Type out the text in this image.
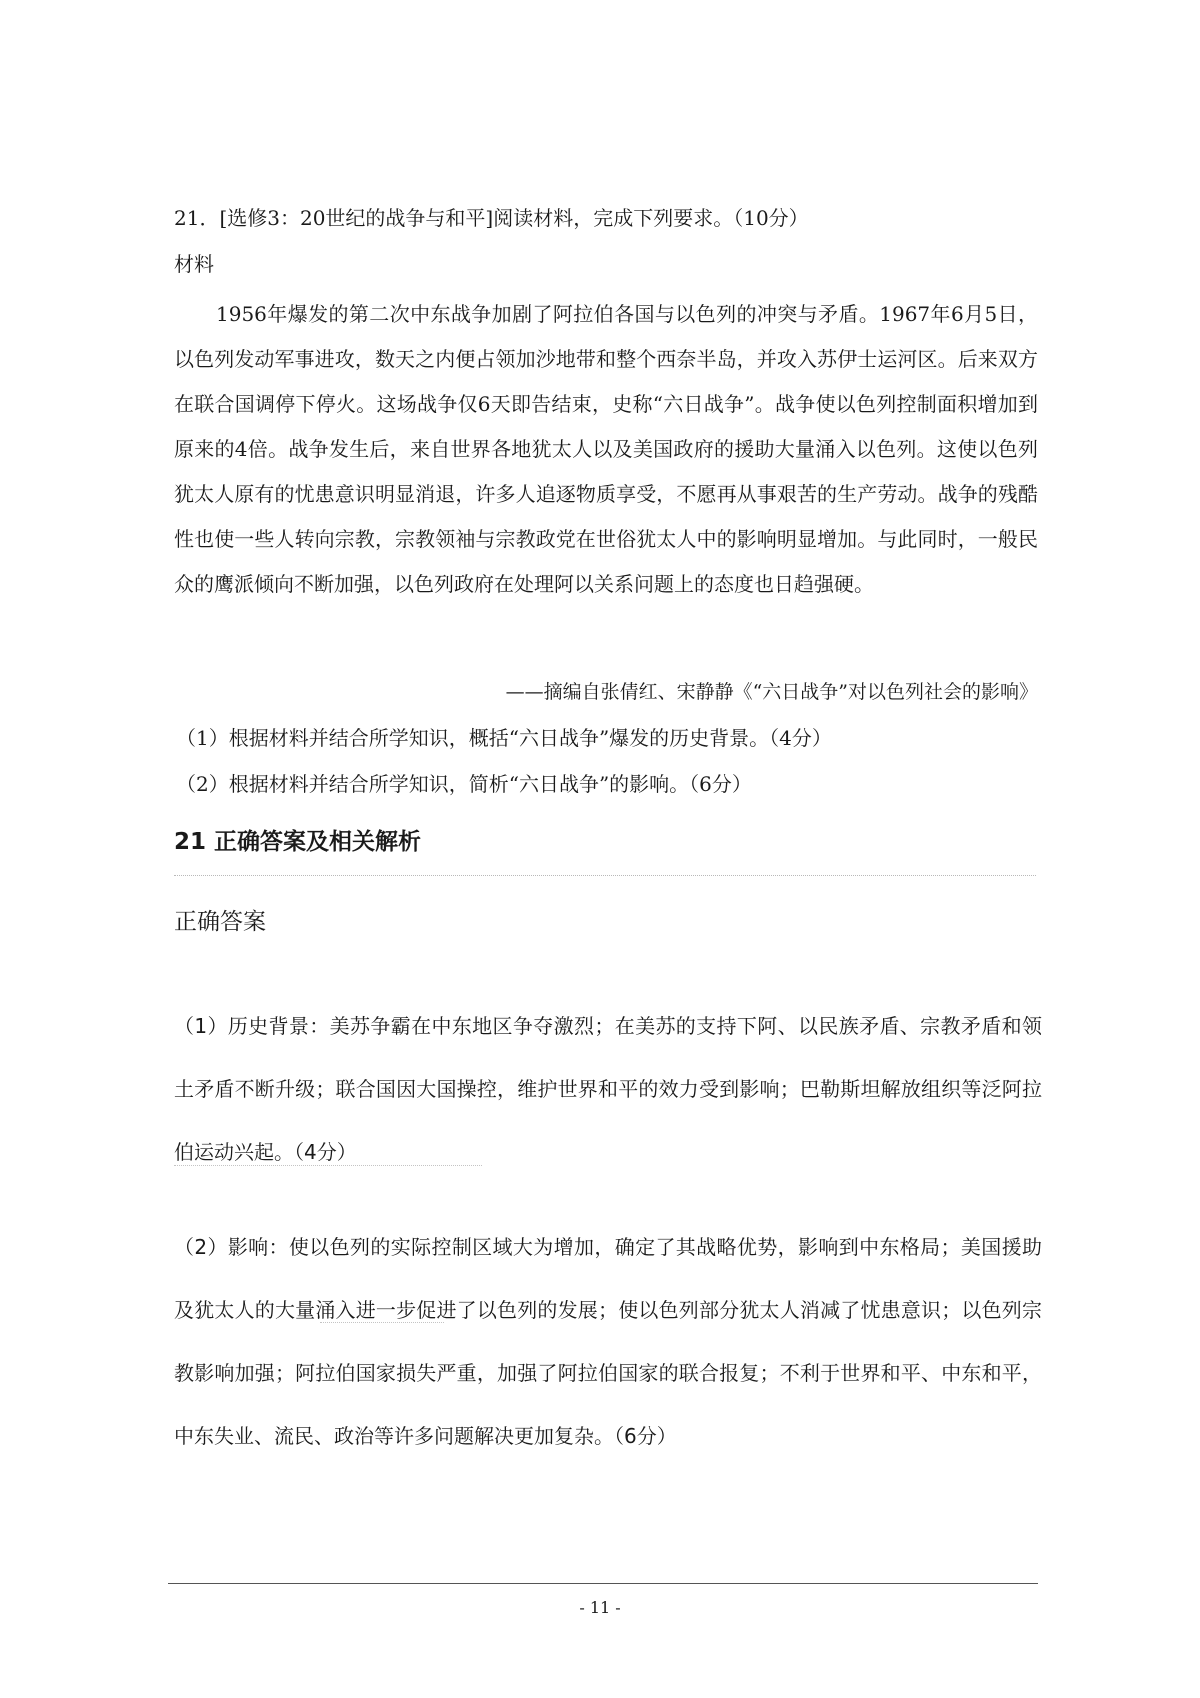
21．[选修3：20世纪的战争与和平]阅读材料，完成下列要求。（10分）
材料

1956年爆发的第二次中东战争加剧了阿拉伯各国与以色列的冲突与矛盾。1967年6月5日，以色列发动军事进攻，数天之内便占领加沙地带和整个西奈半岛，并攻入苏伊士运河区。后来双方在联合国调停下停火。这场战争仅6天即告结束，史称“六日战争”。战争使以色列控制面积增加到原来的4倍。战争发生后，来自世界各地犹太人以及美国政府的援助大量涌入以色列。这使以色列犹太人原有的忧患意识明显消退，许多人追逐物质享受，不愿再从事艰苦的生产劳动。战争的残酷性也使一些人转向宗教，宗教领袖与宗教政党在世俗犹太人中的影响明显增加。与此同时，一般民众的鹰派倾向不断加强，以色列政府在处理阿以关系问题上的态度也日趋强硬。

——摘编自张倩红、宋静静《“六日战争”对以色列社会的影响》
（1）根据材料并结合所学知识，概括“六日战争”爆发的历史背景。（4分）
（2）根据材料并结合所学知识，简析“六日战争”的影响。（6分）
21 正确答案及相关解析
正确答案

（1）历史背景：美苏争霸在中东地区争夺激烈；在美苏的支持下阿、以民族矛盾、宗教矛盾和领土矛盾不断升级；联合国因大国操控，维护世界和平的效力受到影响；巴勒斯坦解放组织等泛阿拉伯运动兴起。（4分）

（2）影响：使以色列的实际控制区域大为增加，确定了其战略优势，影响到中东格局；美国援助及犹太人的大量涌入进一步促进了以色列的发展；使以色列部分犹太人消减了忧患意识；以色列宗教影响加强；阿拉伯国家损失严重，加强了阿拉伯国家的联合报复；不利于世界和平、中东和平，中东失业、流民、政治等许多问题解决更加复杂。（6分）

- 11 -
